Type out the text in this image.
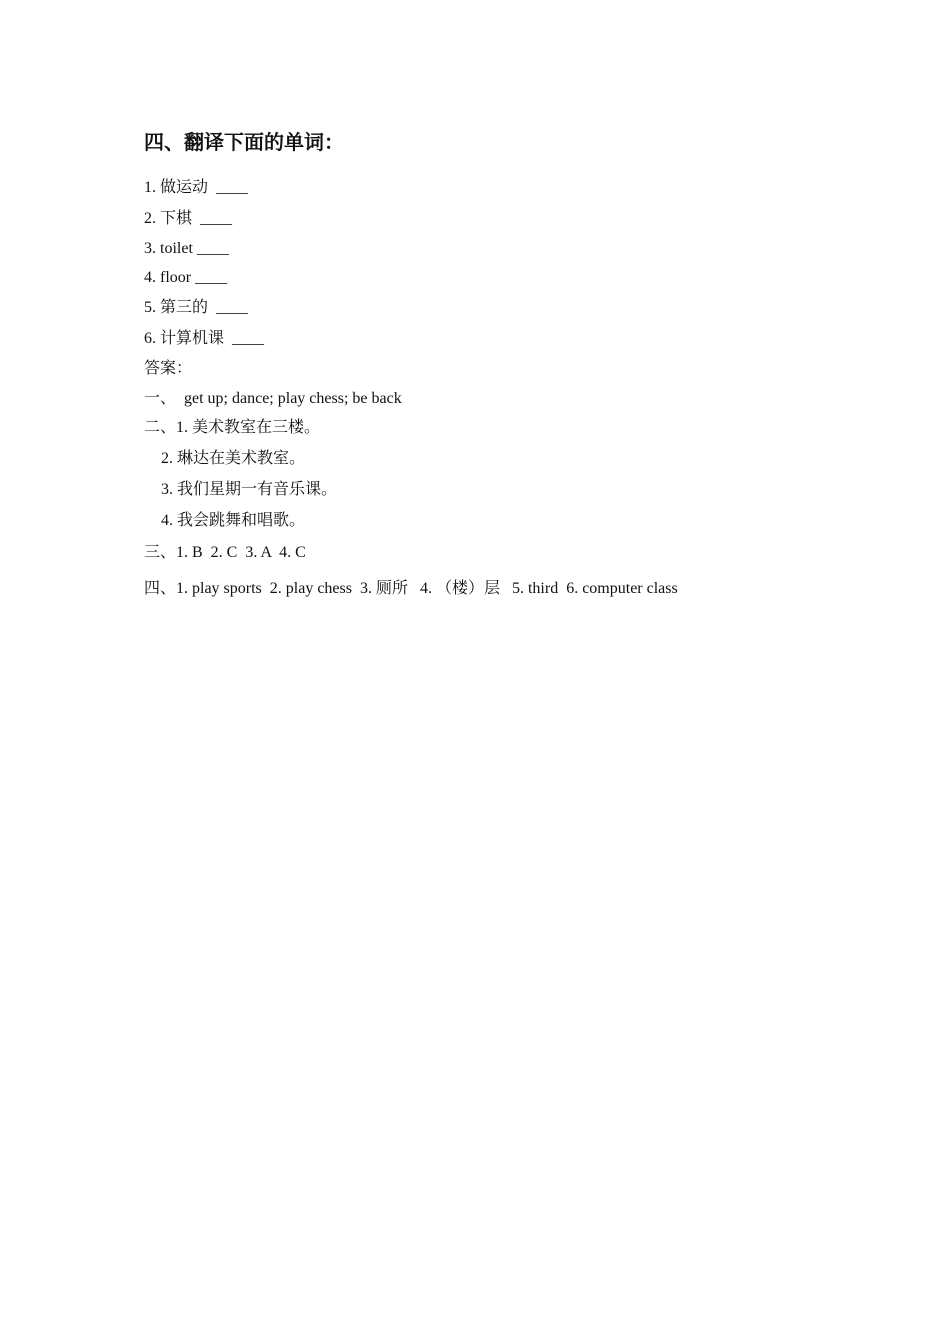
四、翻译下面的单词：
1. 做运动  ____
2. 下棋  ____
3. toilet ____
4. floor ____
5. 第三的  ____
6. 计算机课  ____
答案：
一、  get up; dance; play chess; be back
二、1. 美术教室在三楼。
2. 琳达在美术教室。
3. 我们星期一有音乐课。
4. 我会跳舞和唱歌。
三、1. B  2. C  3. A  4. C
四、1. play sports  2. play chess  3. 厕所   4. （楼）层   5. third  6. computer class
